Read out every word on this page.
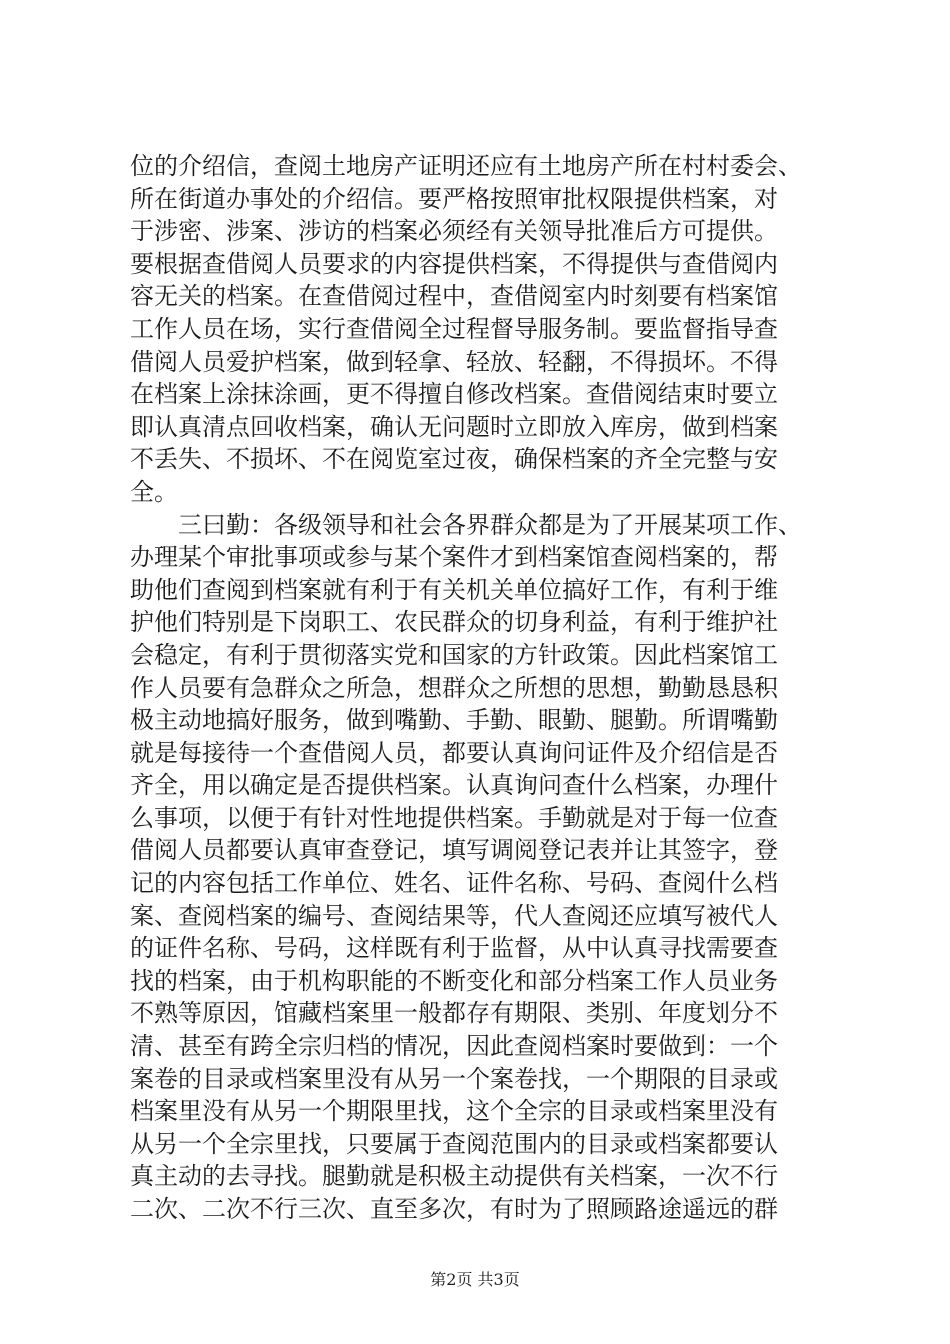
位的介绍信，查阅土地房产证明还应有土地房产所在村村委会、
所在街道办事处的介绍信。要严格按照审批权限提供档案，对
于涉密、涉案、涉访的档案必须经有关领导批准后方可提供。
要根据查借阅人员要求的内容提供档案，不得提供与查借阅内
容无关的档案。在查借阅过程中，查借阅室内时刻要有档案馆
工作人员在场，实行查借阅全过程督导服务制。要监督指导查
借阅人员爱护档案，做到轻拿、轻放、轻翻，不得损坏。不得
在档案上涂抹涂画，更不得擅自修改档案。查借阅结束时要立
即认真清点回收档案，确认无问题时立即放入库房，做到档案
不丢失、不损坏、不在阅览室过夜，确保档案的齐全完整与安
全。
　　三曰勤：各级领导和社会各界群众都是为了开展某项工作、
办理某个审批事项或参与某个案件才到档案馆查阅档案的，帮
助他们查阅到档案就有利于有关机关单位搞好工作，有利于维
护他们特别是下岗职工、农民群众的切身利益，有利于维护社
会稳定，有利于贯彻落实党和国家的方针政策。因此档案馆工
作人员要有急群众之所急，想群众之所想的思想，勤勤恳恳积
极主动地搞好服务，做到嘴勤、手勤、眼勤、腿勤。所谓嘴勤
就是每接待一个查借阅人员，都要认真询问证件及介绍信是否
齐全，用以确定是否提供档案。认真询问查什么档案，办理什
么事项，以便于有针对性地提供档案。手勤就是对于每一位查
借阅人员都要认真审查登记，填写调阅登记表并让其签字，登
记的内容包括工作单位、姓名、证件名称、号码、查阅什么档
案、查阅档案的编号、查阅结果等，代人查阅还应填写被代人
的证件名称、号码，这样既有利于监督，从中认真寻找需要查
找的档案，由于机构职能的不断变化和部分档案工作人员业务
不熟等原因，馆藏档案里一般都存有期限、类别、年度划分不
清、甚至有跨全宗归档的情况，因此查阅档案时要做到：一个
案卷的目录或档案里没有从另一个案卷找，一个期限的目录或
档案里没有从另一个期限里找，这个全宗的目录或档案里没有
从另一个全宗里找，只要属于查阅范围内的目录或档案都要认
真主动的去寻找。腿勤就是积极主动提供有关档案，一次不行
二次、二次不行三次、直至多次，有时为了照顾路途遥远的群
第2页 共3页
